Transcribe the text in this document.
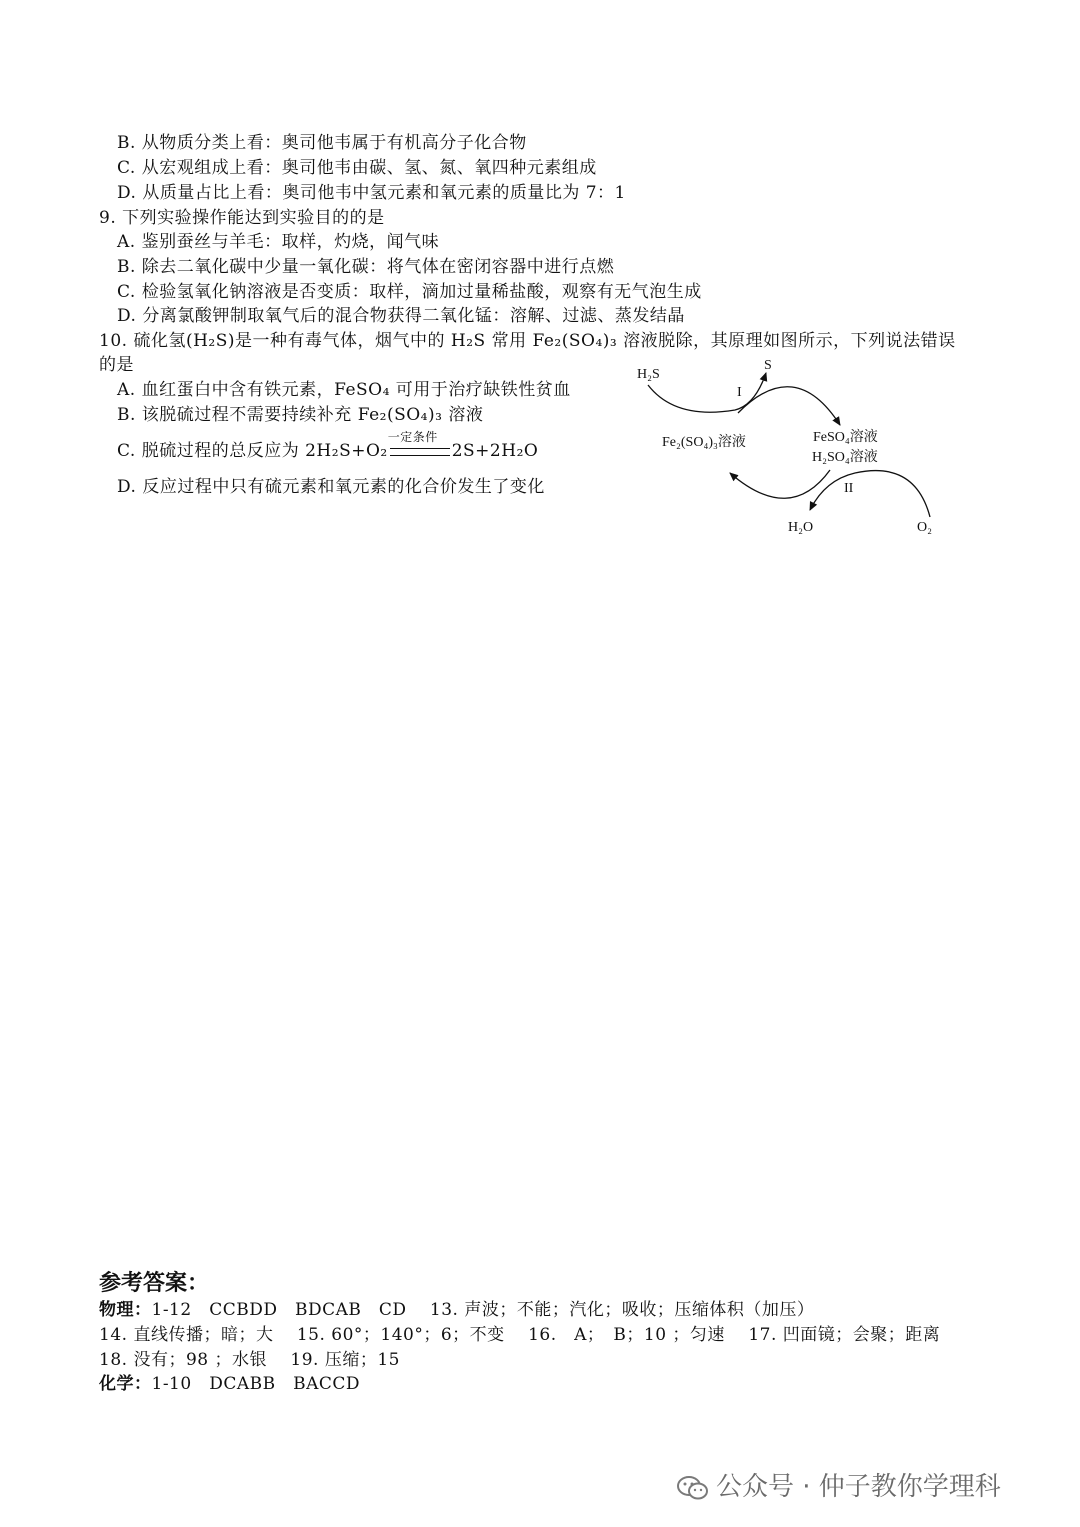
B. 从物质分类上看：奥司他韦属于有机高分子化合物
C. 从宏观组成上看：奥司他韦由碳、氢、氮、氧四种元素组成
D. 从质量占比上看：奥司他韦中氢元素和氧元素的质量比为 7：1
9. 下列实验操作能达到实验目的的是
A. 鉴别蚕丝与羊毛：取样，灼烧，闻气味
B. 除去二氧化碳中少量一氧化碳：将气体在密闭容器中进行点燃
C. 检验氢氧化钠溶液是否变质：取样，滴加过量稀盐酸，观察有无气泡生成
D. 分离氯酸钾制取氧气后的混合物获得二氧化锰：溶解、过滤、蒸发结晶
10. 硫化氢(H₂S)是一种有毒气体，烟气中的 H₂S 常用 Fe₂(SO₄)₃ 溶液脱除，其原理如图所示，下列说法错误
的是
A. 血红蛋白中含有铁元素，FeSO₄ 可用于治疗缺铁性贫血
B. 该脱硫过程不需要持续补充 Fe₂(SO₄)₃ 溶液
C. 脱硫过程的总反应为 2H₂S+O₂
一定条件
2S+2H₂O
D. 反应过程中只有硫元素和氧元素的化合价发生了变化
H₂S
S
I
Fe₂(SO₄)₃溶液	FeSO₄溶液
H₂SO₄溶液
II
H₂O	O₂
参考答案：
物理：1-12　CCBDD　BDCAB　CD　 13. 声波；不能；汽化；吸收；压缩体积（加压）
14. 直线传播；暗；大　 15. 60°；140°；6；不变　 16.　A；　B；10 ；匀速　 17. 凹面镜；会聚；距离
18. 没有；98 ；水银　 19. 压缩；15
化学：1-10　DCABB　BACCD
公众号 · 仲子教你学理科
